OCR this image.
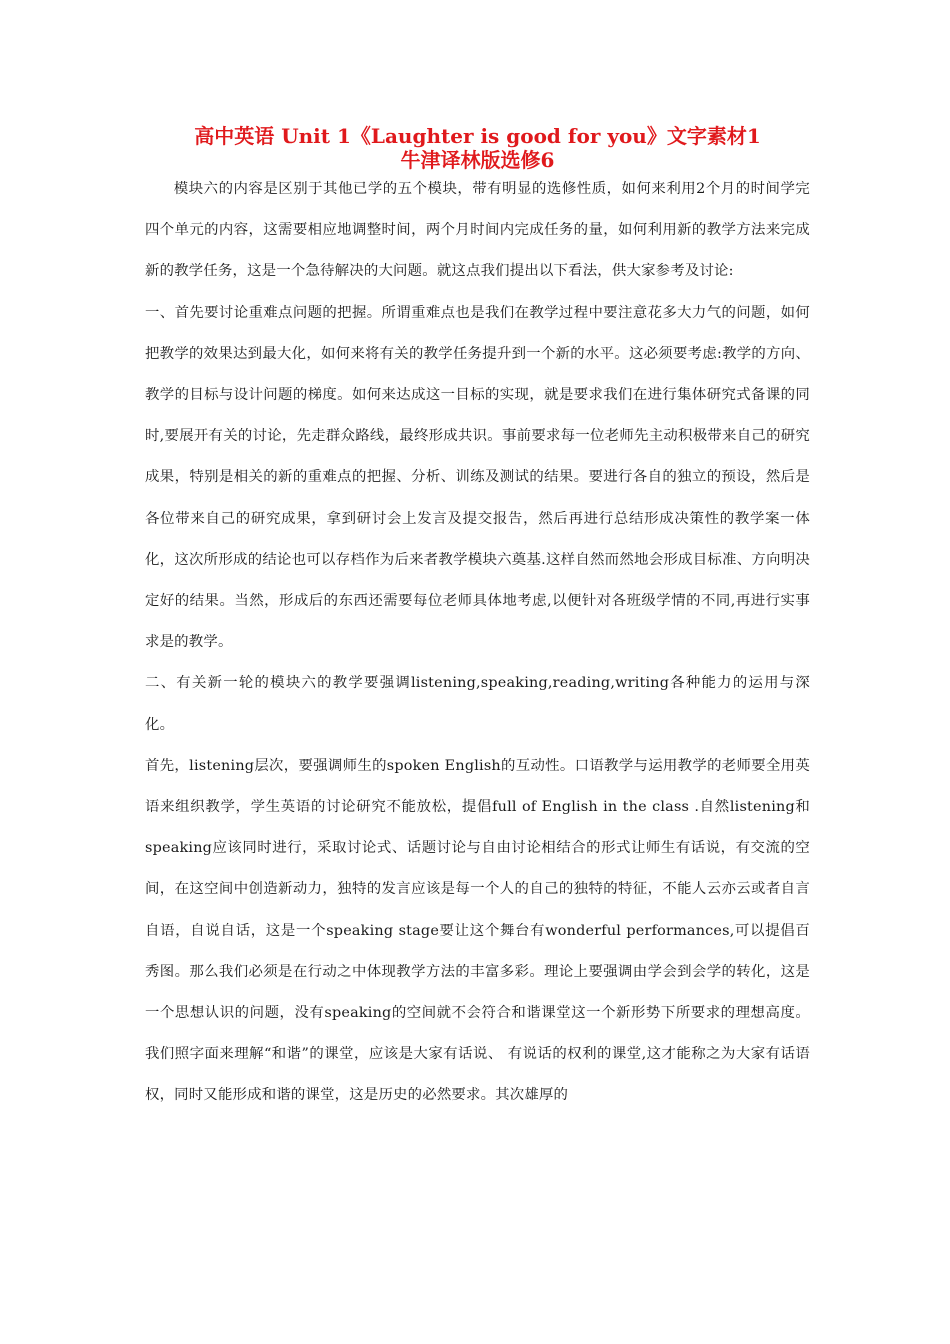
高中英语 Unit 1《Laughter is good for you》文字素材1
牛津译林版选修6

模块六的内容是区别于其他已学的五个模块，带有明显的选修性质，如何来利用2个月的时间学完四个单元的内容，这需要相应地调整时间，两个月时间内完成任务的量，如何利用新的教学方法来完成新的教学任务，这是一个急待解决的大问题。就这点我们提出以下看法，供大家参考及讨论:

一、首先要讨论重难点问题的把握。所谓重难点也是我们在教学过程中要注意花多大力气的问题，如何把教学的效果达到最大化，如何来将有关的教学任务提升到一个新的水平。这必须要考虑:教学的方向、教学的目标与设计问题的梯度。如何来达成这一目标的实现，就是要求我们在进行集体研究式备课的同时,要展开有关的讨论，先走群众路线，最终形成共识。事前要求每一位老师先主动积极带来自己的研究成果，特别是相关的新的重难点的把握、分析、训练及测试的结果。要进行各自的独立的预设，然后是各位带来自己的研究成果，拿到研讨会上发言及提交报告，然后再进行总结形成决策性的教学案一体化，这次所形成的结论也可以存档作为后来者教学模块六奠基.这样自然而然地会形成目标准、方向明决定好的结果。当然，形成后的东西还需要每位老师具体地考虑,以便针对各班级学情的不同,再进行实事求是的教学。

二、有关新一轮的模块六的教学要强调listening,speaking,reading,writing各种能力的运用与深化。

首先，listening层次，要强调师生的spoken English的互动性。口语教学与运用教学的老师要全用英语来组织教学，学生英语的讨论研究不能放松，提倡full of English in the class .自然listening和speaking应该同时进行，采取讨论式、话题讨论与自由讨论相结合的形式让师生有话说，有交流的空间，在这空间中创造新动力，独特的发言应该是每一个人的自己的独特的特征，不能人云亦云或者自言自语，自说自话，这是一个speaking stage要让这个舞台有wonderful performances,可以提倡百秀图。那么我们必须是在行动之中体现教学方法的丰富多彩。理论上要强调由学会到会学的转化，这是一个思想认识的问题，没有speaking的空间就不会符合和谐课堂这一个新形势下所要求的理想高度。我们照字面来理解“和谐”的课堂，应该是大家有话说、 有说话的权利的课堂,这才能称之为大家有话语权，同时又能形成和谐的课堂，这是历史的必然要求。其次雄厚的
